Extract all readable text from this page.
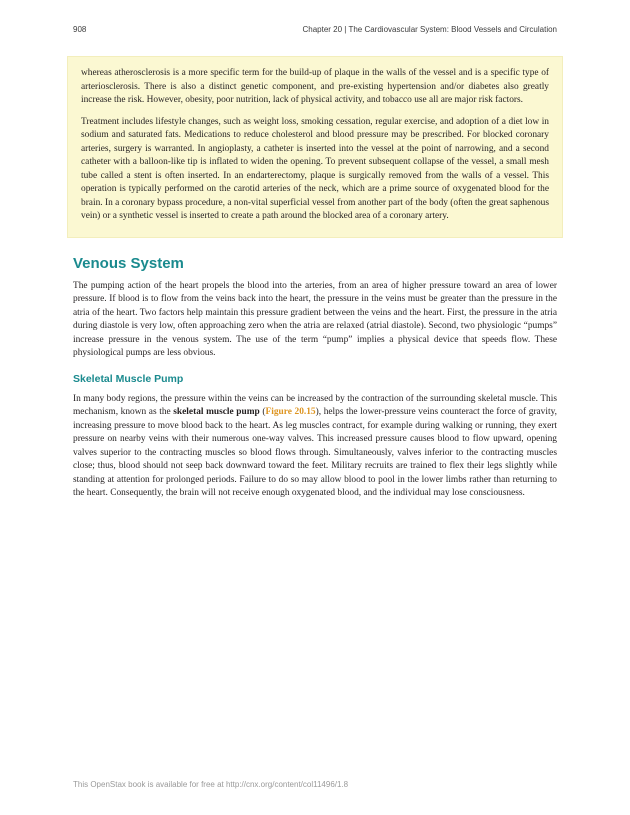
908	Chapter 20 | The Cardiovascular System: Blood Vessels and Circulation

whereas atherosclerosis is a more specific term for the build-up of plaque in the walls of the vessel and is a specific type of arteriosclerosis. There is also a distinct genetic component, and pre-existing hypertension and/or diabetes also greatly increase the risk. However, obesity, poor nutrition, lack of physical activity, and tobacco use all are major risk factors.

Treatment includes lifestyle changes, such as weight loss, smoking cessation, regular exercise, and adoption of a diet low in sodium and saturated fats. Medications to reduce cholesterol and blood pressure may be prescribed. For blocked coronary arteries, surgery is warranted. In angioplasty, a catheter is inserted into the vessel at the point of narrowing, and a second catheter with a balloon-like tip is inflated to widen the opening. To prevent subsequent collapse of the vessel, a small mesh tube called a stent is often inserted. In an endarterectomy, plaque is surgically removed from the walls of a vessel. This operation is typically performed on the carotid arteries of the neck, which are a prime source of oxygenated blood for the brain. In a coronary bypass procedure, a non-vital superficial vessel from another part of the body (often the great saphenous vein) or a synthetic vessel is inserted to create a path around the blocked area of a coronary artery.

Venous System

The pumping action of the heart propels the blood into the arteries, from an area of higher pressure toward an area of lower pressure. If blood is to flow from the veins back into the heart, the pressure in the veins must be greater than the pressure in the atria of the heart. Two factors help maintain this pressure gradient between the veins and the heart. First, the pressure in the atria during diastole is very low, often approaching zero when the atria are relaxed (atrial diastole). Second, two physiologic “pumps” increase pressure in the venous system. The use of the term “pump” implies a physical device that speeds flow. These physiological pumps are less obvious.

Skeletal Muscle Pump

In many body regions, the pressure within the veins can be increased by the contraction of the surrounding skeletal muscle. This mechanism, known as the skeletal muscle pump (Figure 20.15), helps the lower-pressure veins counteract the force of gravity, increasing pressure to move blood back to the heart. As leg muscles contract, for example during walking or running, they exert pressure on nearby veins with their numerous one-way valves. This increased pressure causes blood to flow upward, opening valves superior to the contracting muscles so blood flows through. Simultaneously, valves inferior to the contracting muscles close; thus, blood should not seep back downward toward the feet. Military recruits are trained to flex their legs slightly while standing at attention for prolonged periods. Failure to do so may allow blood to pool in the lower limbs rather than returning to the heart. Consequently, the brain will not receive enough oxygenated blood, and the individual may lose consciousness.

This OpenStax book is available for free at http://cnx.org/content/col11496/1.8
